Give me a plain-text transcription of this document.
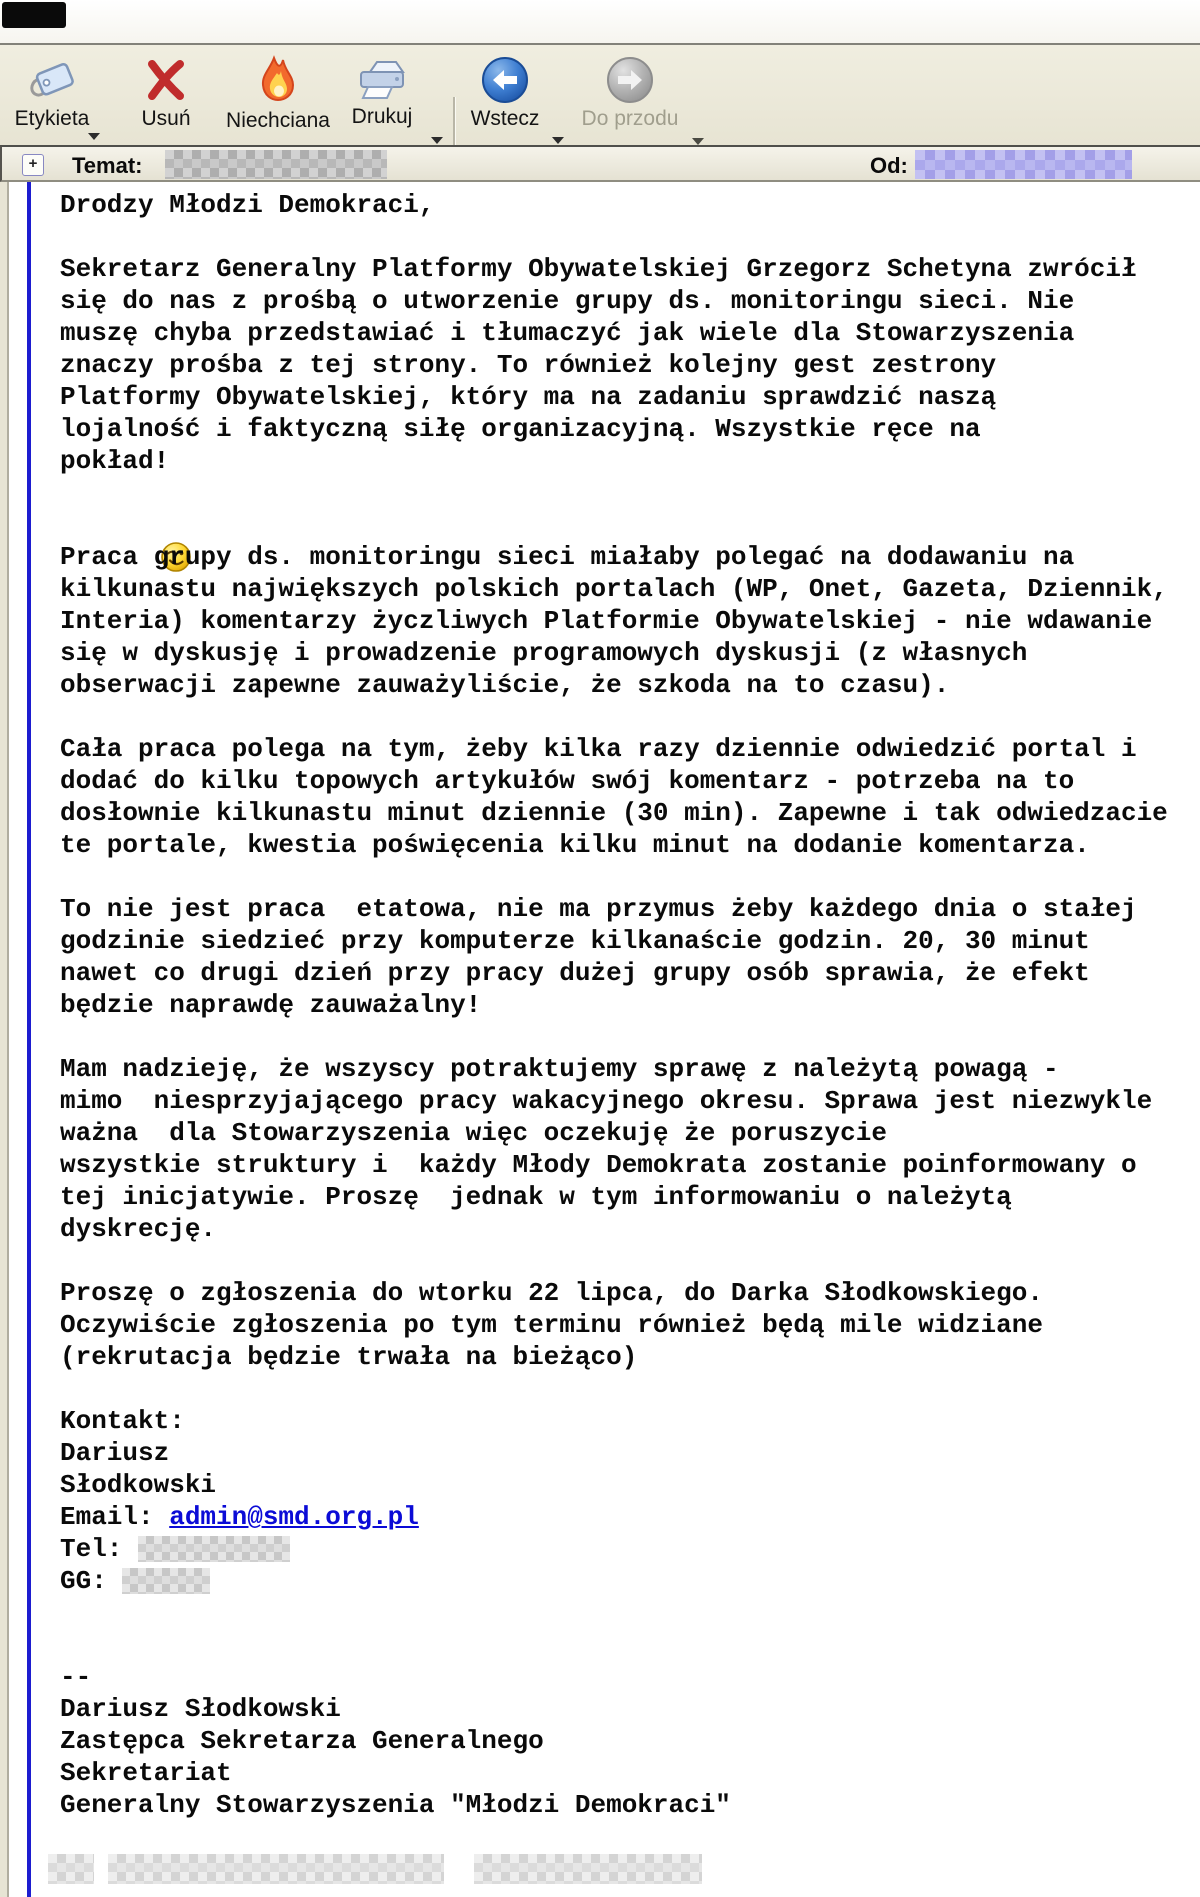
Etykieta	Usuń	Niechciana	Drukuj	Wstecz	Do przodu
+	Temat:	Od:
Drodzy Młodzi Demokraci,
Sekretarz Generalny Platformy Obywatelskiej Grzegorz Schetyna zwrócił
się do nas z prośbą o utworzenie grupy ds. monitoringu sieci. Nie
muszę chyba przedstawiać i tłumaczyć jak wiele dla Stowarzyszenia
znaczy prośba z tej strony. To również kolejny gest zestrony
Platformy Obywatelskiej, który ma na zadaniu sprawdzić naszą
lojalność i faktyczną siłę organizacyjną. Wszystkie ręce na
pokład!

Praca grupy ds. monitoringu sieci miałaby polegać na dodawaniu na
kilkunastu największych polskich portalach (WP, Onet, Gazeta, Dziennik,
Interia) komentarzy życzliwych Platformie Obywatelskiej - nie wdawanie
się w dyskusję i prowadzenie programowych dyskusji (z własnych
obserwacji zapewne zauważyliście, że szkoda na to czasu).
Cała praca polega na tym, żeby kilka razy dziennie odwiedzić portal i
dodać do kilku topowych artykułów swój komentarz - potrzeba na to
dosłownie kilkunastu minut dziennie (30 min). Zapewne i tak odwiedzacie
te portale, kwestia poświęcenia kilku minut na dodanie komentarza.
To nie jest praca  etatowa, nie ma przymus żeby każdego dnia o stałej
godzinie siedzieć przy komputerze kilkanaście godzin. 20, 30 minut
nawet co drugi dzień przy pracy dużej grupy osób sprawia, że efekt
będzie naprawdę zauważalny!
Mam nadzieję, że wszyscy potraktujemy sprawę z należytą powagą -
mimo  niesprzyjającego pracy wakacyjnego okresu. Sprawa jest niezwykle
ważna  dla Stowarzyszenia więc oczekuję że poruszycie
wszystkie struktury i  każdy Młody Demokrata zostanie poinformowany o
tej inicjatywie. Proszę  jednak w tym informowaniu o należytą
dyskrecję.
Proszę o zgłoszenia do wtorku 22 lipca, do Darka Słodkowskiego.
Oczywiście zgłoszenia po tym terminu również będą mile widziane
(rekrutacja będzie trwała na bieżąco)
Kontakt:
Dariusz
Słodkowski
Email: admin@smd.org.pl
Tel:
GG:
--
Dariusz Słodkowski
Zastępca Sekretarza Generalnego
Sekretariat
Generalny Stowarzyszenia "Młodzi Demokraci"
